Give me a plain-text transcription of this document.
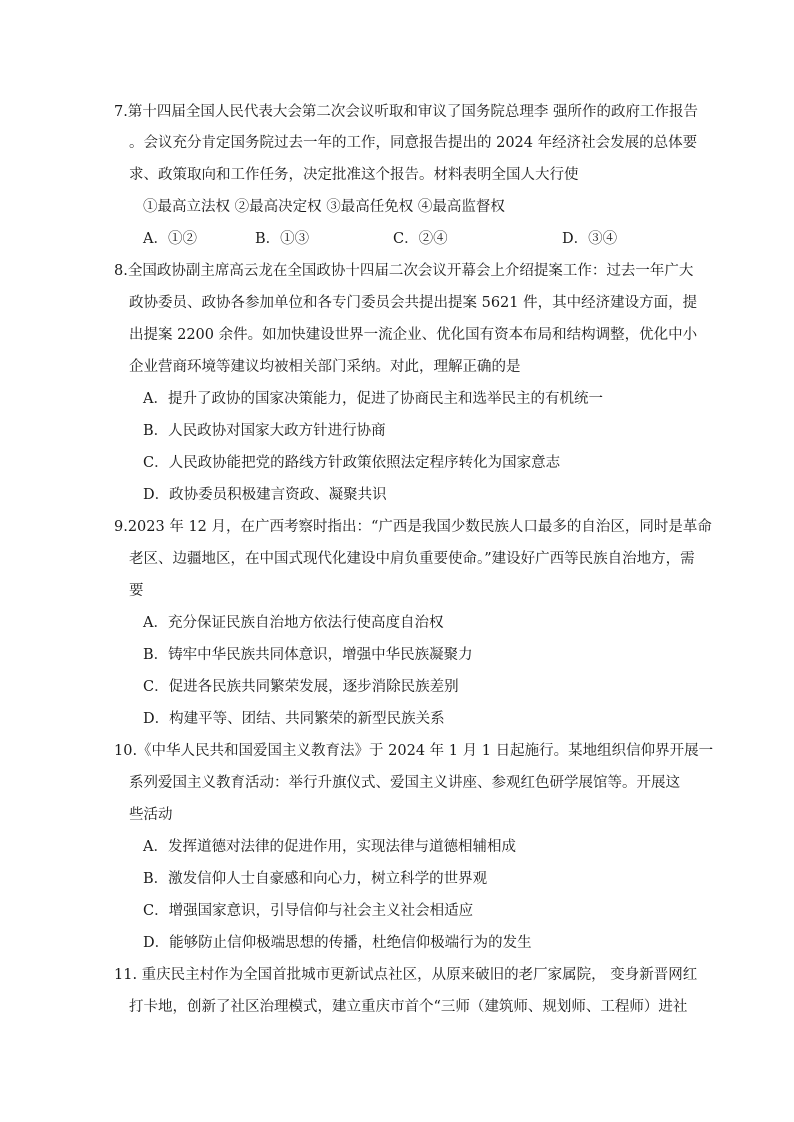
7.第十四届全国人民代表大会第二次会议听取和审议了国务院总理李 强所作的政府工作报告
。会议充分肯定国务院过去一年的工作，同意报告提出的 2024 年经济社会发展的总体要
求、政策取向和工作任务，决定批准这个报告。材料表明全国人大行使
①最高立法权 ②最高决定权 ③最高任免权 ④最高监督权
A．①②	B．①③	C．②④	D．③④
8.全国政协副主席高云龙在全国政协十四届二次会议开幕会上介绍提案工作：过去一年广大
政协委员、政协各参加单位和各专门委员会共提出提案 5621 件，其中经济建设方面，提
出提案 2200 余件。如加快建设世界一流企业、优化国有资本布局和结构调整，优化中小
企业营商环境等建议均被相关部门采纳。对此，理解正确的是
A．提升了政协的国家决策能力，促进了协商民主和选举民主的有机统一
B．人民政协对国家大政方针进行协商
C．人民政协能把党的路线方针政策依照法定程序转化为国家意志
D．政协委员积极建言资政、凝聚共识
9.2023 年 12 月，在广西考察时指出：“广西是我国少数民族人口最多的自治区，同时是革命
老区、边疆地区，在中国式现代化建设中肩负重要使命。”建设好广西等民族自治地方，需
要
A．充分保证民族自治地方依法行使高度自治权
B．铸牢中华民族共同体意识，增强中华民族凝聚力
C．促进各民族共同繁荣发展，逐步消除民族差别
D．构建平等、团结、共同繁荣的新型民族关系
10.《中华人民共和国爱国主义教育法》于 2024 年 1 月 1 日起施行。某地组织信仰界开展一
系列爱国主义教育活动：举行升旗仪式、爱国主义讲座、参观红色研学展馆等。开展这
些活动
A．发挥道德对法律的促进作用，实现法律与道德相辅相成
B．激发信仰人士自豪感和向心力，树立科学的世界观
C．增强国家意识，引导信仰与社会主义社会相适应
D．能够防止信仰极端思想的传播，杜绝信仰极端行为的发生
11. 重庆民主村作为全国首批城市更新试点社区，从原来破旧的老厂家属院， 变身新晋网红
打卡地，创新了社区治理模式，建立重庆市首个“三师（建筑师、规划师、工程师）进社
